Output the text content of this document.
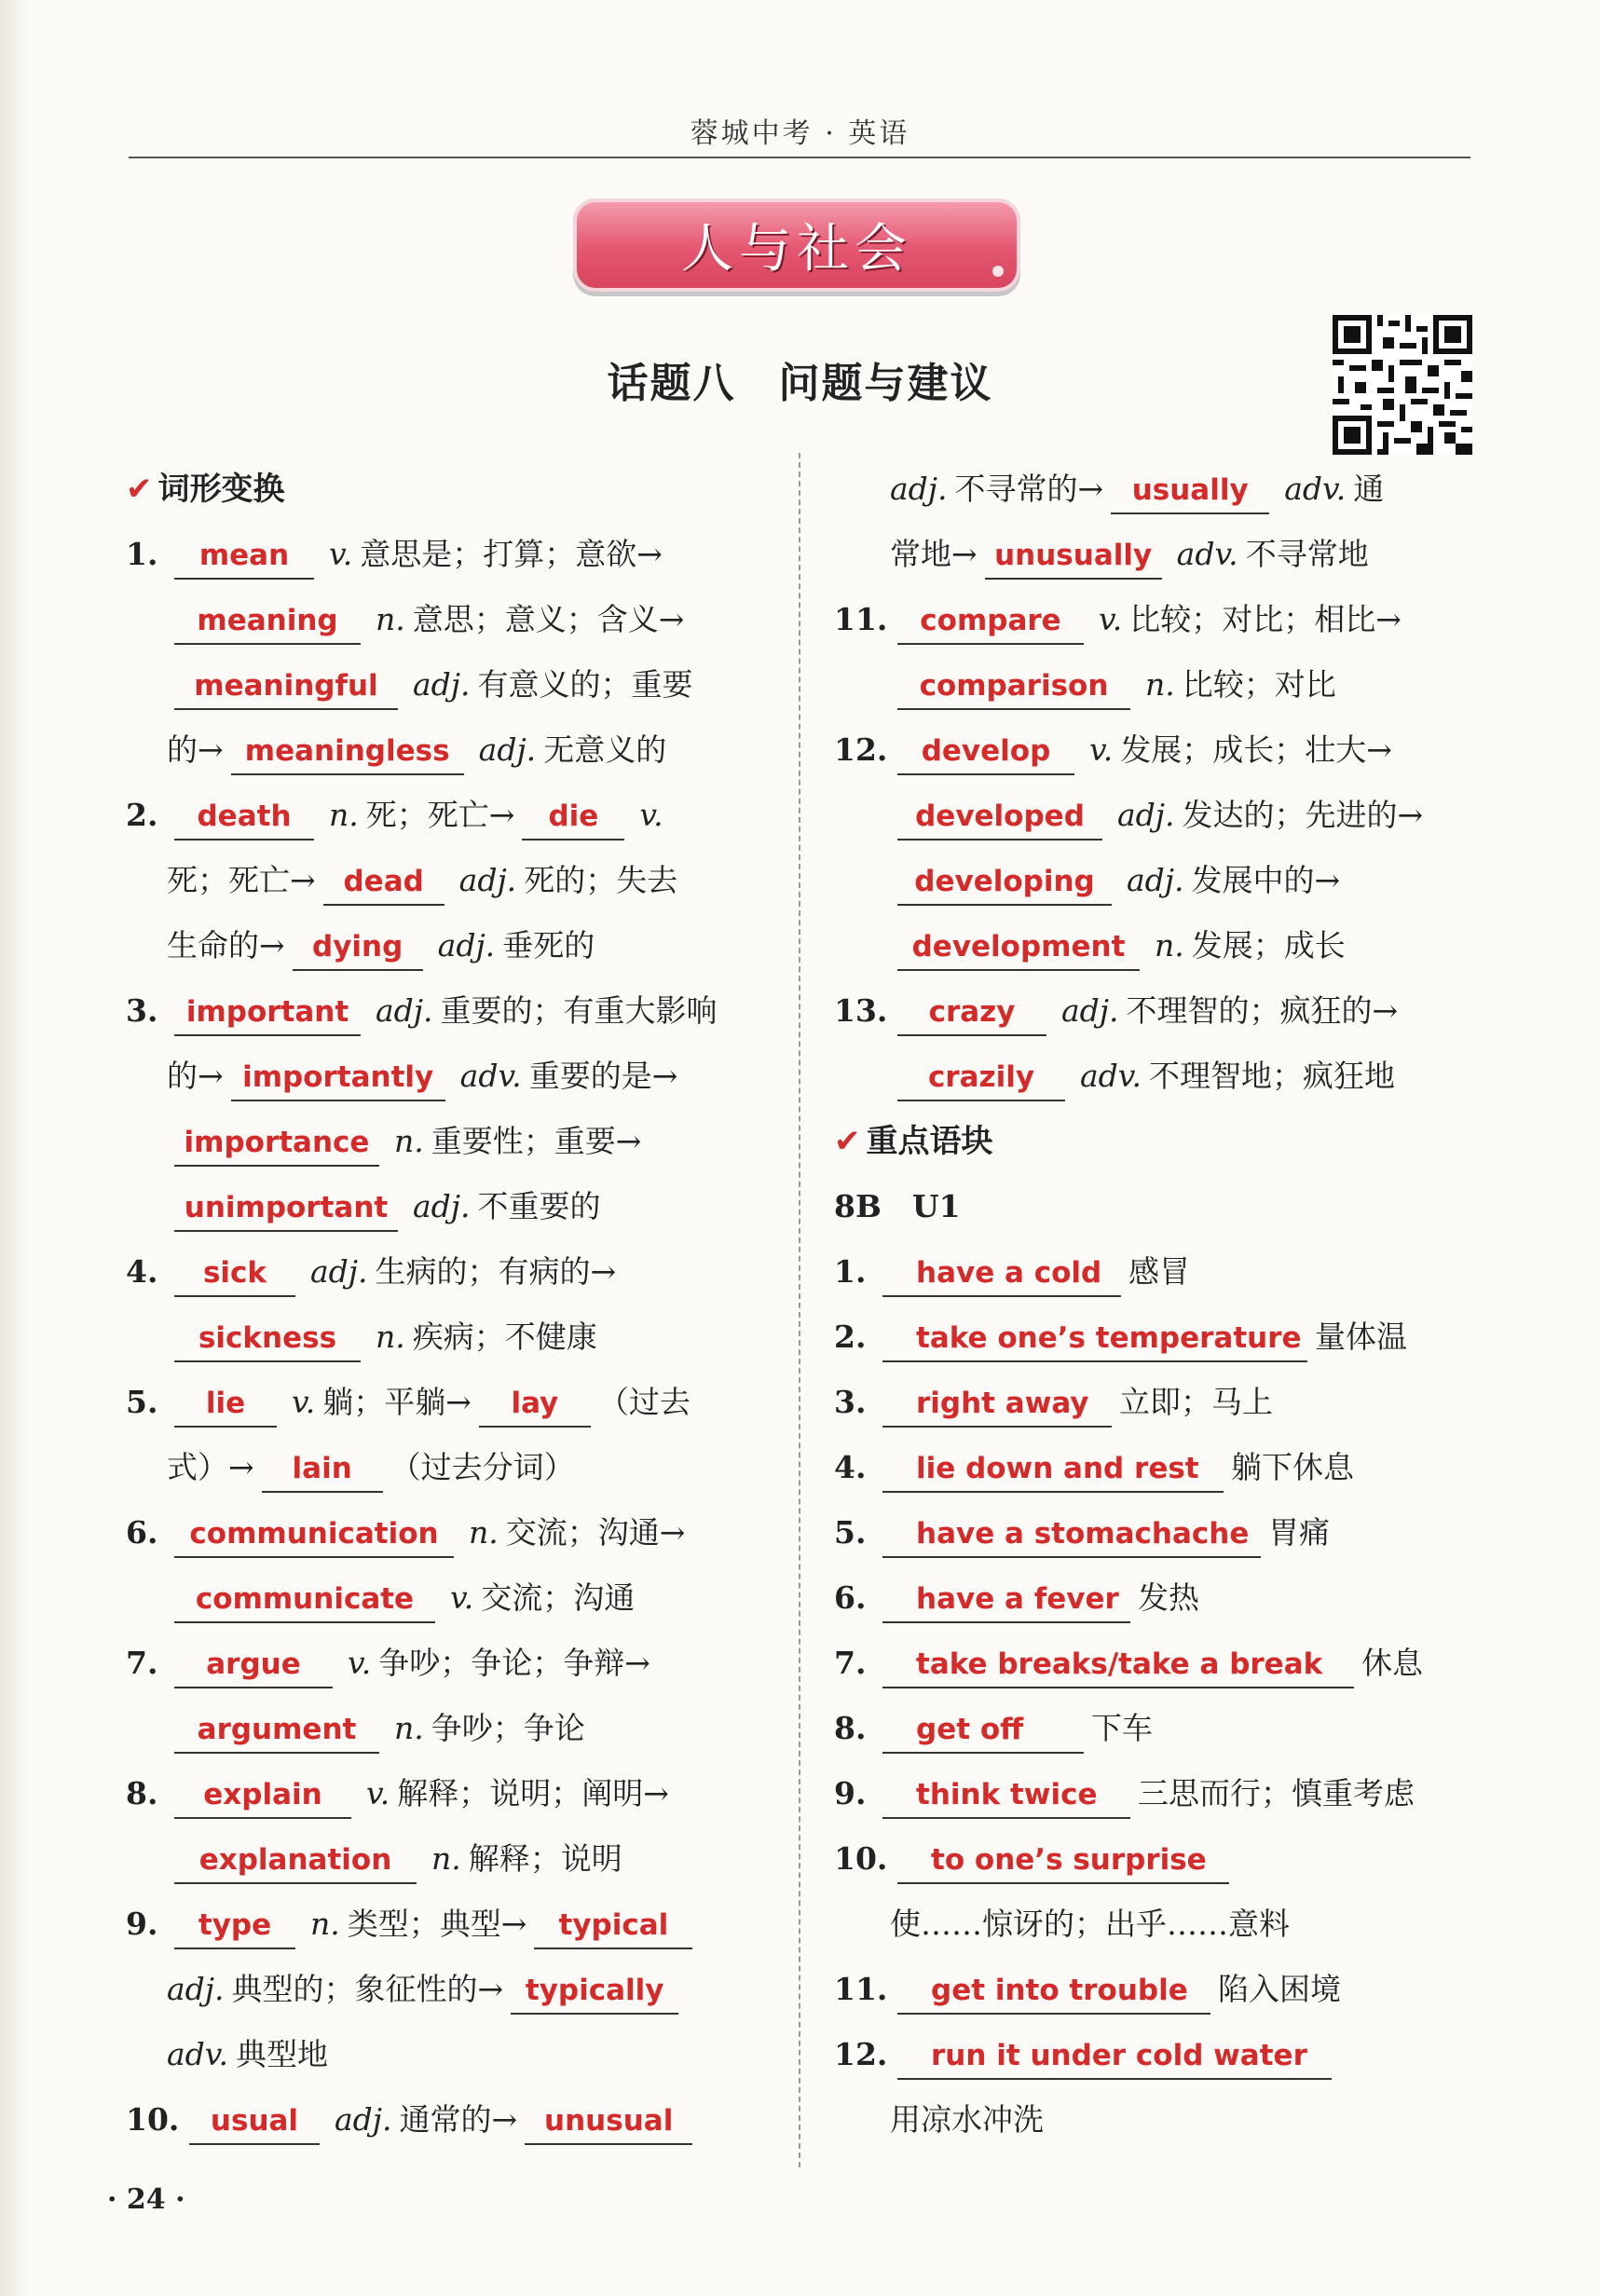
蓉城中考 · 英语
人与社会
话题八　问题与建议
✔ 词形变换
1. mean v. 意思是；打算；意欲→
meaning n. 意思；意义；含义→
meaningful adj. 有意义的；重要
的→ meaningless adj. 无意义的
2. death n. 死；死亡→ die v.
死；死亡→ dead adj. 死的；失去
生命的→ dying adj. 垂死的
3. important adj. 重要的；有重大影响
的→ importantly adv. 重要的是→
importance n. 重要性；重要→
unimportant adj. 不重要的
4. sick adj. 生病的；有病的→
sickness n. 疾病；不健康
5. lie v. 躺；平躺→ lay （过去
式）→ lain （过去分词）
6. communication n. 交流；沟通→
communicate v. 交流；沟通
7. argue v. 争吵；争论；争辩→
argument n. 争吵；争论
8. explain v. 解释；说明；阐明→
explanation n. 解释；说明
9. type n. 类型；典型→ typical
adj. 典型的；象征性的→ typically
adv. 典型地
10. usual adj. 通常的→ unusual
adj. 不寻常的→ usually adv. 通
常地→ unusually adv. 不寻常地
11. compare v. 比较；对比；相比→
comparison n. 比较；对比
12. develop v. 发展；成长；壮大→
developed adj. 发达的；先进的→
developing adj. 发展中的→
development n. 发展；成长
13. crazy adj. 不理智的；疯狂的→
crazily adv. 不理智地；疯狂地
✔ 重点语块
8B　U1
1. have a cold 感冒
2. take one’s temperature 量体温
3. right away 立即；马上
4. lie down and rest 躺下休息
5. have a stomachache 胃痛
6. have a fever 发热
7. take breaks/take a break 休息
8. get off 下车
9. think twice 三思而行；慎重考虑
10. to one’s surprise
使……惊讶的；出乎……意料
11. get into trouble 陷入困境
12. run it under cold water
用凉水冲洗
· 24 ·
